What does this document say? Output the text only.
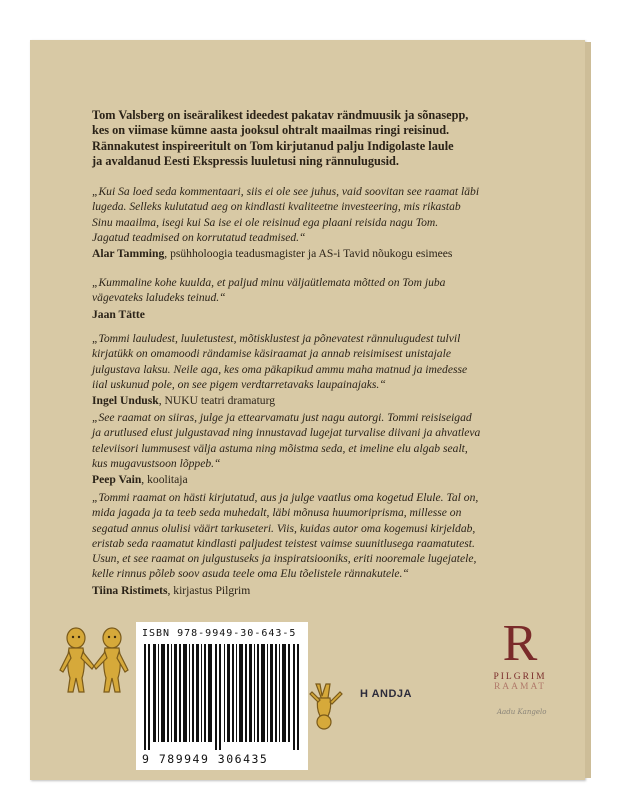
Tom Valsberg on iseäralikest ideedest pakatav rändmuusik ja sõnasepp,
kes on viimase kümne aasta jooksul ohtralt maailmas ringi reisinud.
Rännakutest inspireeritult on Tom kirjutanud palju Indigolaste laule
ja avaldanud Eesti Ekspressis luuletusi ning rännulugusid.
„Kui Sa loed seda kommentaari, siis ei ole see juhus, vaid soovitan see raamat läbi
lugeda. Selleks kulutatud aeg on kindlasti kvaliteetne investeering, mis rikastab
Sinu maailma, isegi kui Sa ise ei ole reisinud ega plaani reisida nagu Tom.
Jagatud teadmised on korrutatud teadmised.“
Alar Tamming, psühholoogia teadusmagister ja AS-i Tavid nõukogu esimees
„Kummaline kohe kuulda, et paljud minu väljaütlemata mõtted on Tom juba
vägevateks laludeks teinud.“
Jaan Tätte
„Tommi lauludest, luuletustest, mõtisklustest ja põnevatest rännulugudest tulvil
kirjatükk on omamoodi rändamise käsiraamat ja annab reisimisest unistajale
julgustava laksu. Neile aga, kes oma päkapikud ammu maha matnud ja imedesse
iial uskunud pole, on see pigem verdtarretavaks laupainajaks.“
Ingel Undusk, NUKU teatri dramaturg
„See raamat on siiras, julge ja ettearvamatu just nagu autorgi. Tommi reisiseigad
ja arutlused elust julgustavad ning innustavad lugejat turvalise diivani ja ahvatleva
televiisori lummusest välja astuma ning mõistma seda, et imeline elu algab sealt,
kus mugavustsoon lõppeb.“
Peep Vain, koolitaja
„Tommi raamat on hästi kirjutatud, aus ja julge vaatlus oma kogetud Elule. Tal on,
mida jagada ja ta teeb seda muhedalt, läbi mõnusa huumoriprisma, millesse on
segatud annus olulisi väärt tarkuseteri. Viis, kuidas autor oma kogemusi kirjeldab,
eristab seda raamatut kindlasti paljudest teistest vaimse suunitlusega raamatutest.
Usun, et see raamat on julgustuseks ja inspiratsiooniks, eriti nooremale lugejatele,
kelle rinnus põleb soov asuda teele oma Elu tõelistele rännakutele.“
Tiina Ristimets, kirjastus Pilgrim
ISBN 978-9949-30-643-5
9 789949 306435
H ANDJA
R
PILGRIM
RAAMAT
Aadu Kangelo
